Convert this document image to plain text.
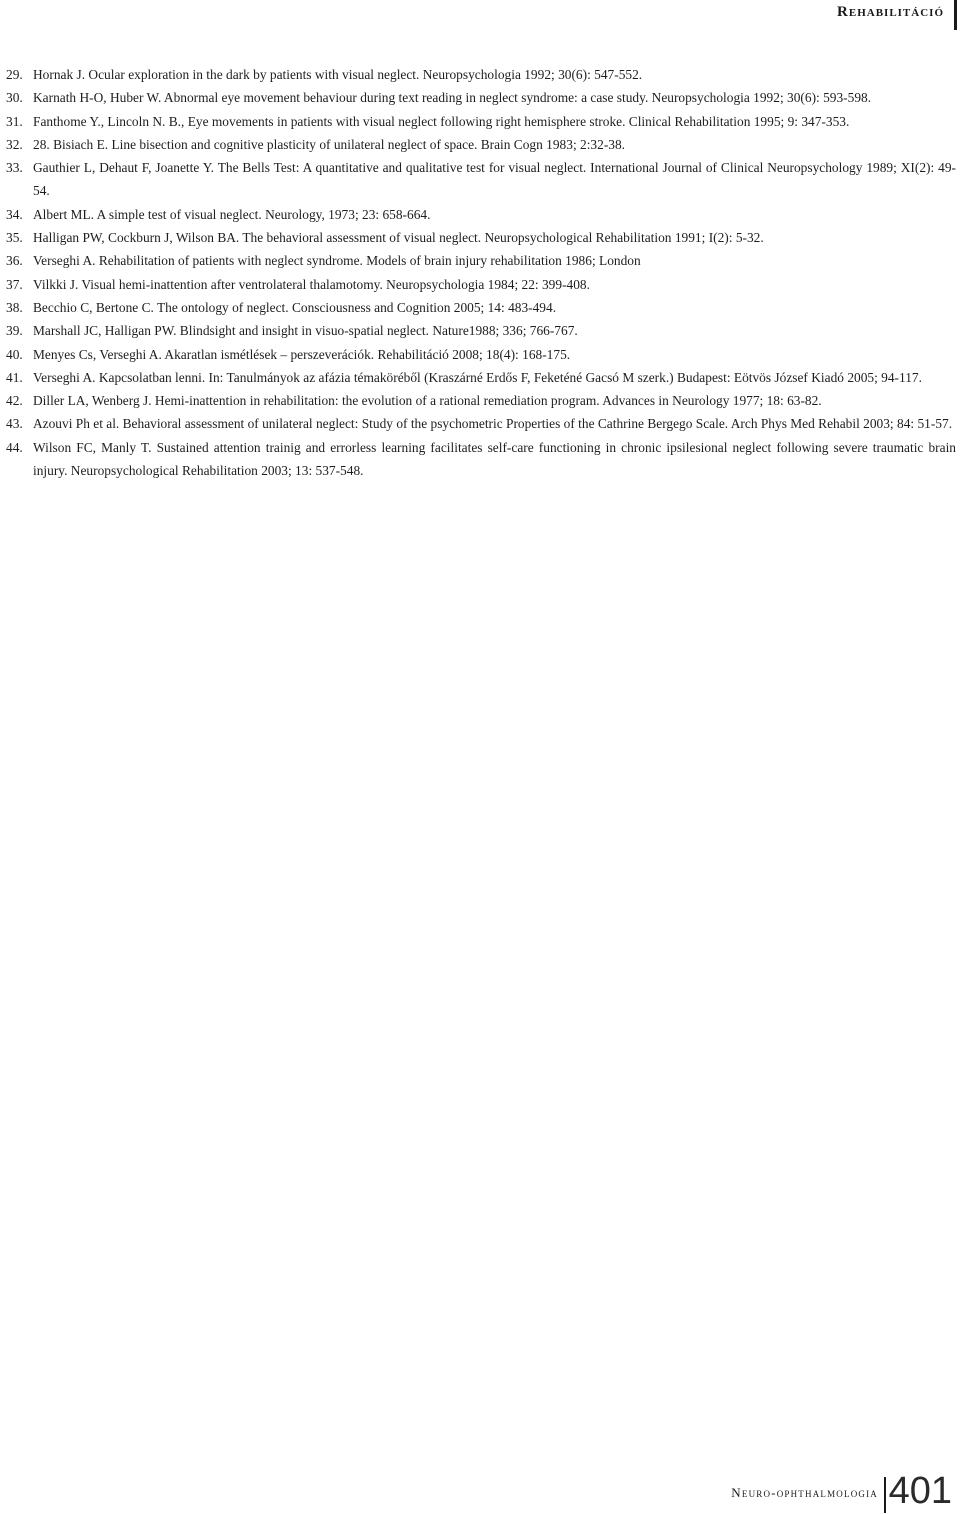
Rehabilitáció
29. Hornak J. Ocular exploration in the dark by patients with visual neglect. Neuropsychologia 1992; 30(6): 547-552.
30. Karnath H-O, Huber W. Abnormal eye movement behaviour during text reading in neglect syndrome: a case study. Neuropsychologia 1992; 30(6): 593-598.
31. Fanthome Y., Lincoln N. B., Eye movements in patients with visual neglect following right hemisphere stroke. Clinical Rehabilitation 1995; 9: 347-353.
32. 28. Bisiach E. Line bisection and cognitive plasticity of unilateral neglect of space. Brain Cogn 1983; 2:32-38.
33. Gauthier L, Dehaut F, Joanette Y. The Bells Test: A quantitative and qualitative test for visual neglect. International Journal of Clinical Neuropsychology 1989; XI(2): 49-54.
34. Albert ML. A simple test of visual neglect. Neurology, 1973; 23: 658-664.
35. Halligan PW, Cockburn J, Wilson BA. The behavioral assessment of visual neglect. Neuropsychological Rehabilitation 1991; I(2): 5-32.
36. Verseghi A. Rehabilitation of patients with neglect syndrome. Models of brain injury rehabilitation 1986; London
37. Vilkki J. Visual hemi-inattention after ventrolateral thalamotomy. Neuropsychologia 1984; 22: 399-408.
38. Becchio C, Bertone C. The ontology of neglect. Consciousness and Cognition 2005; 14: 483-494.
39. Marshall JC, Halligan PW. Blindsight and insight in visuo-spatial neglect. Nature1988; 336; 766-767.
40. Menyes Cs, Verseghi A. Akaratlan ismétlések – perszeverációk. Rehabilitáció 2008; 18(4): 168-175.
41. Verseghi A. Kapcsolatban lenni. In: Tanulmányok az afázia témaköréből (Kraszárné Erdős F, Feketéné Gacsó M szerk.) Budapest: Eötvös József Kiadó 2005; 94-117.
42. Diller LA, Wenberg J. Hemi-inattention in rehabilitation: the evolution of a rational remediation program. Advances in Neurology 1977; 18: 63-82.
43. Azouvi Ph et al. Behavioral assessment of unilateral neglect: Study of the psychometric Properties of the Cathrine Bergego Scale. Arch Phys Med Rehabil 2003; 84: 51-57.
44. Wilson FC, Manly T. Sustained attention trainig and errorless learning facilitates self-care functioning in chronic ipsilesional neglect following severe traumatic brain injury. Neuropsychological Rehabilitation 2003; 13: 537-548.
Neuro-ophthalmologia 401
